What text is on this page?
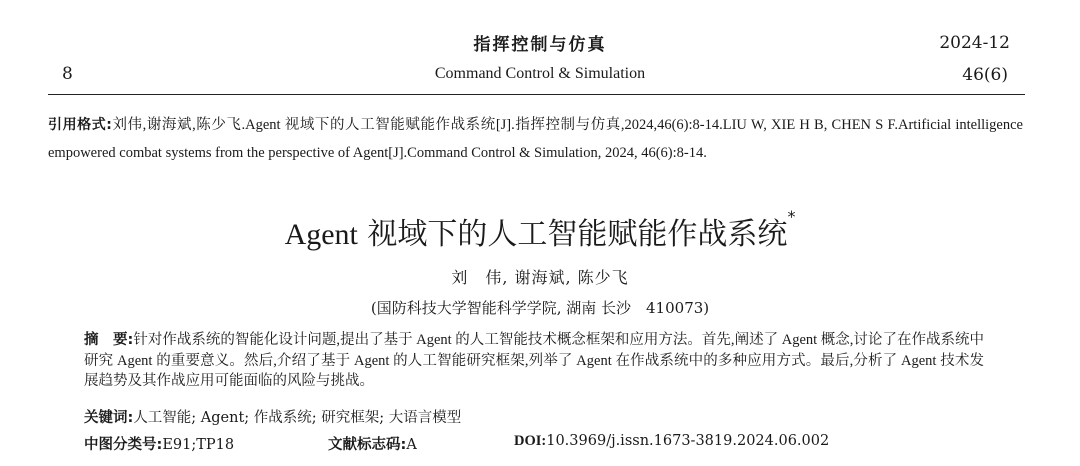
指挥控制与仿真	2024-12
8	Command Control & Simulation	46(6)
引用格式:刘伟,谢海斌,陈少飞.Agent 视域下的人工智能赋能作战系统[J].指挥控制与仿真,2024,46(6):8-14.LIU W, XIE H B, CHEN S F.Artificial intelligence empowered combat systems from the perspective of Agent[J].Command Control & Simulation, 2024, 46(6):8-14.
Agent 视域下的人工智能赋能作战系统*
刘　伟, 谢海斌, 陈少飞
(国防科技大学智能科学学院, 湖南 长沙　410073)
摘　要:针对作战系统的智能化设计问题,提出了基于 Agent 的人工智能技术概念框架和应用方法。首先,阐述了 Agent 概念,讨论了在作战系统中研究 Agent 的重要意义。然后,介绍了基于 Agent 的人工智能研究框架,列举了 Agent 在作战系统中的多种应用方式。最后,分析了 Agent 技术发展趋势及其作战应用可能面临的风险与挑战。
关键词:人工智能; Agent; 作战系统; 研究框架; 大语言模型
中图分类号:E91;TP18	文献标志码:A	DOI:10.3969/j.issn.1673-3819.2024.06.002
